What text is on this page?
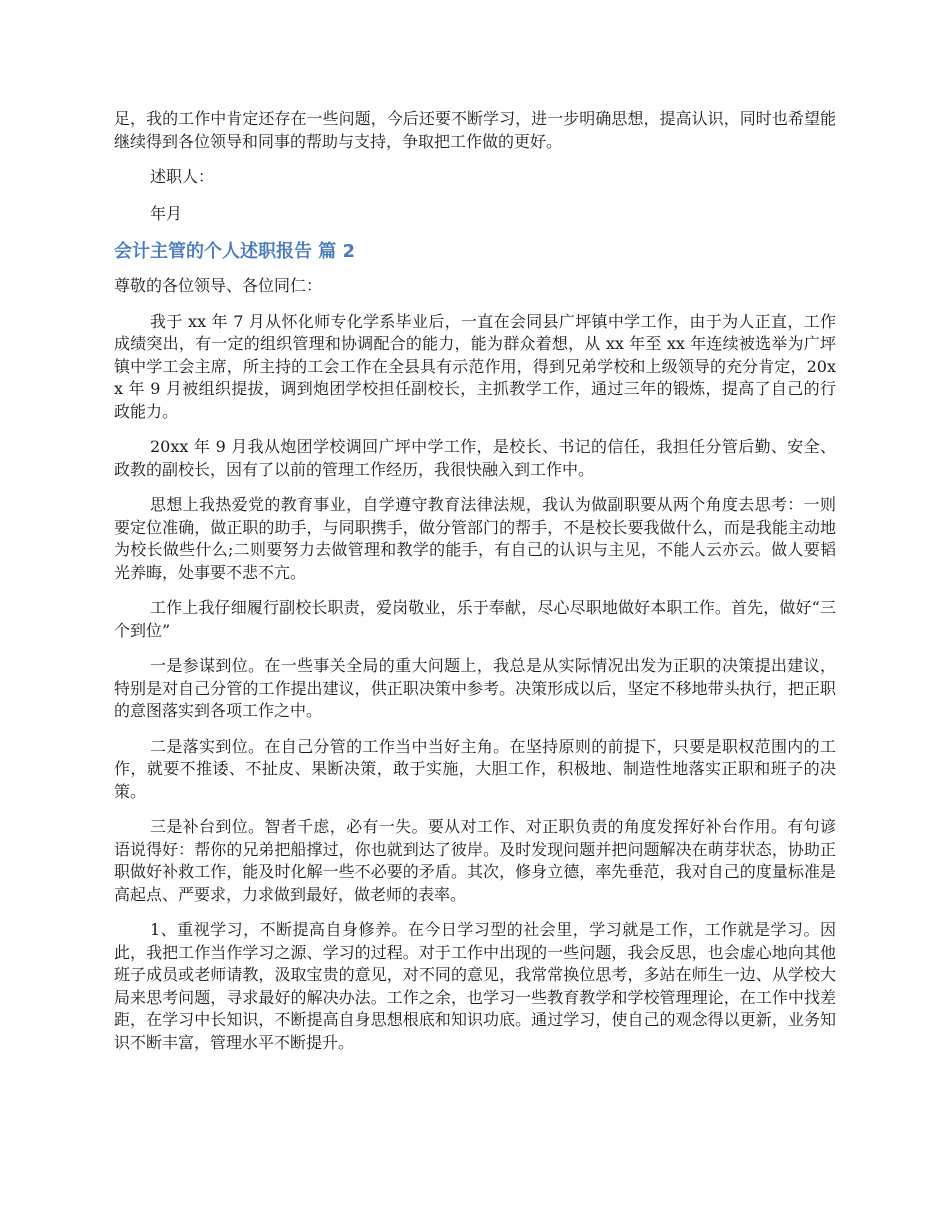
足，我的工作中肯定还存在一些问题，今后还要不断学习，进一步明确思想，提高认识，同时也希望能继续得到各位领导和同事的帮助与支持，争取把工作做的更好。

述职人：

年月

会计主管的个人述职报告 篇 2

尊敬的各位领导、各位同仁：

我于 xx 年 7 月从怀化师专化学系毕业后，一直在会同县广坪镇中学工作，由于为人正直，工作成绩突出，有一定的组织管理和协调配合的能力，能为群众着想，从 xx 年至 xx 年连续被选举为广坪镇中学工会主席，所主持的工会工作在全县具有示范作用，得到兄弟学校和上级领导的充分肯定，20xx 年 9 月被组织提拔，调到炮团学校担任副校长，主抓教学工作，通过三年的锻炼，提高了自己的行政能力。

20xx 年 9 月我从炮团学校调回广坪中学工作，是校长、书记的信任，我担任分管后勤、安全、政教的副校长，因有了以前的管理工作经历，我很快融入到工作中。

思想上我热爱党的教育事业，自学遵守教育法律法规，我认为做副职要从两个角度去思考：一则要定位准确，做正职的助手，与同职携手，做分管部门的帮手，不是校长要我做什么，而是我能主动地为校长做些什么;二则要努力去做管理和教学的能手，有自己的认识与主见，不能人云亦云。做人要韬光养晦，处事要不悲不亢。

工作上我仔细履行副校长职责，爱岗敬业，乐于奉献，尽心尽职地做好本职工作。首先，做好“三个到位”

一是参谋到位。在一些事关全局的重大问题上，我总是从实际情况出发为正职的决策提出建议，特别是对自己分管的工作提出建议，供正职决策中参考。决策形成以后，坚定不移地带头执行，把正职的意图落实到各项工作之中。

二是落实到位。在自己分管的工作当中当好主角。在坚持原则的前提下，只要是职权范围内的工作，就要不推诿、不扯皮、果断决策，敢于实施，大胆工作，积极地、制造性地落实正职和班子的决策。

三是补台到位。智者千虑，必有一失。要从对工作、对正职负责的角度发挥好补台作用。有句谚语说得好：帮你的兄弟把船撑过，你也就到达了彼岸。及时发现问题并把问题解决在萌芽状态，协助正职做好补救工作，能及时化解一些不必要的矛盾。其次，修身立德，率先垂范，我对自己的度量标准是高起点、严要求，力求做到最好，做老师的表率。

1、重视学习，不断提高自身修养。在今日学习型的社会里，学习就是工作，工作就是学习。因此，我把工作当作学习之源、学习的过程。对于工作中出现的一些问题，我会反思，也会虚心地向其他班子成员或老师请教，汲取宝贵的意见，对不同的意见，我常常换位思考，多站在师生一边、从学校大局来思考问题，寻求最好的解决办法。工作之余，也学习一些教育教学和学校管理理论，在工作中找差距，在学习中长知识，不断提高自身思想根底和知识功底。通过学习，使自己的观念得以更新，业务知识不断丰富，管理水平不断提升。
